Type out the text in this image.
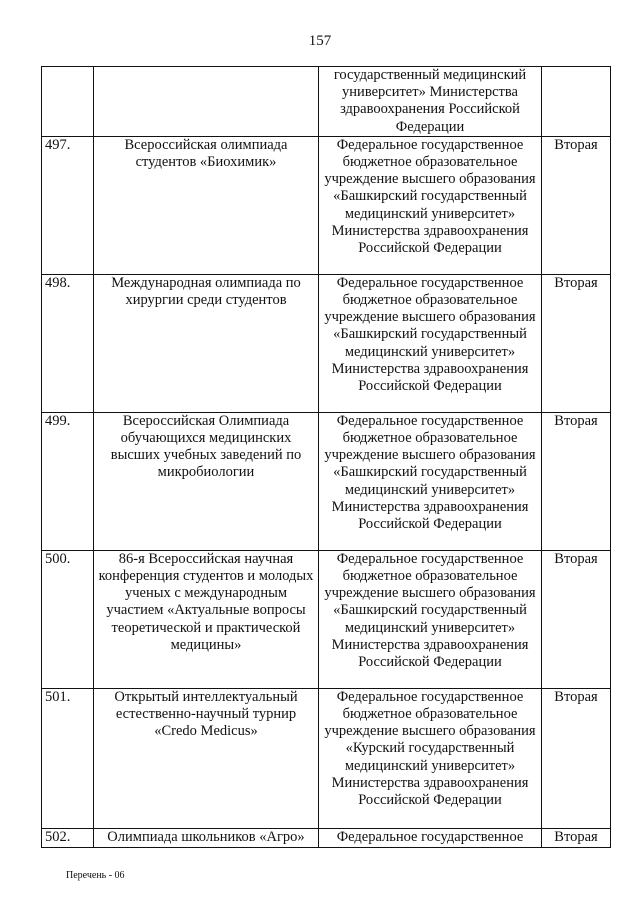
157
		государственный медицинский университет» Министерства здравоохранения Российской Федерации	
497.	Всероссийская олимпиада студентов «Биохимик»	Федеральное государственное бюджетное образовательное учреждение высшего образования «Башкирский государственный медицинский университет» Министерства здравоохранения Российской Федерации	Вторая
498.	Международная олимпиада по хирургии среди студентов	Федеральное государственное бюджетное образовательное учреждение высшего образования «Башкирский государственный медицинский университет» Министерства здравоохранения Российской Федерации	Вторая
499.	Всероссийская Олимпиада обучающихся медицинских высших учебных заведений по микробиологии	Федеральное государственное бюджетное образовательное учреждение высшего образования «Башкирский государственный медицинский университет» Министерства здравоохранения Российской Федерации	Вторая
500.	86-я Всероссийская научная конференция студентов и молодых ученых с международным участием «Актуальные вопросы теоретической и практической медицины»	Федеральное государственное бюджетное образовательное учреждение высшего образования «Башкирский государственный медицинский университет» Министерства здравоохранения Российской Федерации	Вторая
501.	Открытый интеллектуальный естественно-научный турнир «Credo Medicus»	Федеральное государственное бюджетное образовательное учреждение высшего образования «Курский государственный медицинский университет» Министерства здравоохранения Российской Федерации	Вторая
502.	Олимпиада школьников «Агро»	Федеральное государственное	Вторая
Перечень - 06
